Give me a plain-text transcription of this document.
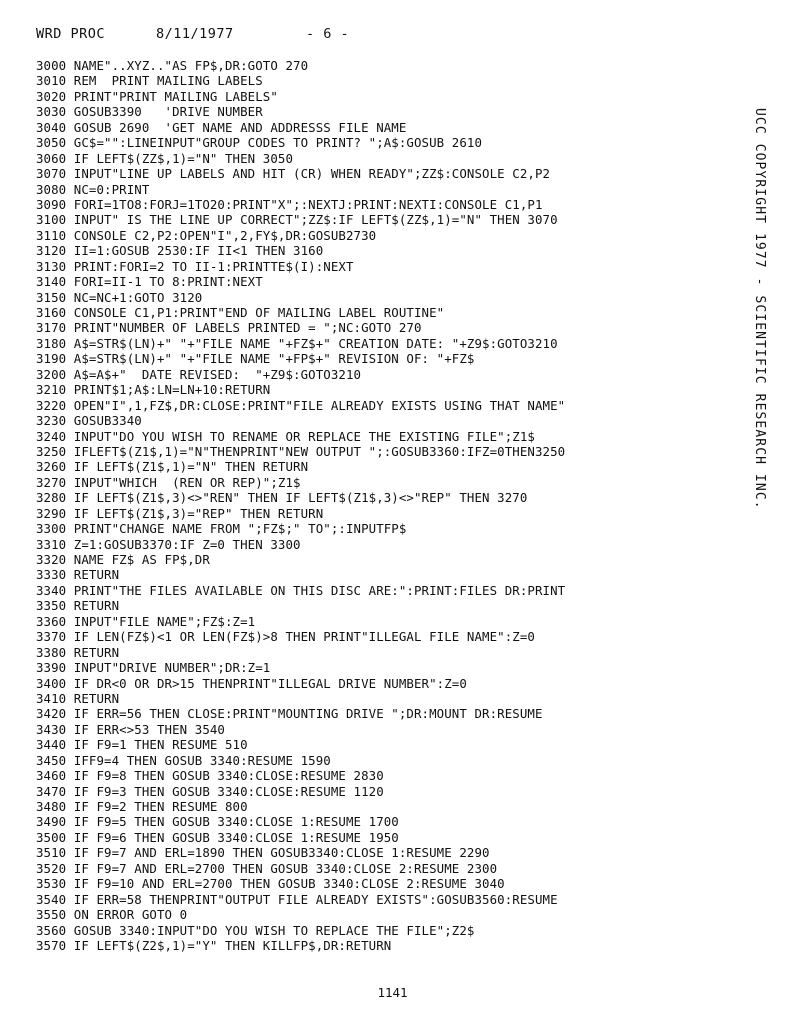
WRD PROC	8/11/1977	- 6 -
3000 NAME"..XYZ.."AS FP$,DR:GOTO 270
3010 REM  PRINT MAILING LABELS
3020 PRINT"PRINT MAILING LABELS"
3030 GOSUB3390   'DRIVE NUMBER
3040 GOSUB 2690  'GET NAME AND ADDRESSS FILE NAME
3050 GC$="":LINEINPUT"GROUP CODES TO PRINT? ";A$:GOSUB 2610
3060 IF LEFT$(ZZ$,1)="N" THEN 3050
3070 INPUT"LINE UP LABELS AND HIT (CR) WHEN READY";ZZ$:CONSOLE C2,P2
3080 NC=0:PRINT
3090 FORI=1TO8:FORJ=1TO20:PRINT"X";:NEXTJ:PRINT:NEXTI:CONSOLE C1,P1
3100 INPUT" IS THE LINE UP CORRECT";ZZ$:IF LEFT$(ZZ$,1)="N" THEN 3070
3110 CONSOLE C2,P2:OPEN"I",2,FY$,DR:GOSUB2730
3120 II=1:GOSUB 2530:IF II<1 THEN 3160
3130 PRINT:FORI=2 TO II-1:PRINTTE$(I):NEXT
3140 FORI=II-1 TO 8:PRINT:NEXT
3150 NC=NC+1:GOTO 3120
3160 CONSOLE C1,P1:PRINT"END OF MAILING LABEL ROUTINE"
3170 PRINT"NUMBER OF LABELS PRINTED = ";NC:GOTO 270
3180 A$=STR$(LN)+" "+"FILE NAME "+FZ$+" CREATION DATE: "+Z9$:GOTO3210
3190 A$=STR$(LN)+" "+"FILE NAME "+FP$+" REVISION OF: "+FZ$
3200 A$=A$+"  DATE REVISED:  "+Z9$:GOTO3210
3210 PRINT$1;A$:LN=LN+10:RETURN
3220 OPEN"I",1,FZ$,DR:CLOSE:PRINT"FILE ALREADY EXISTS USING THAT NAME"
3230 GOSUB3340
3240 INPUT"DO YOU WISH TO RENAME OR REPLACE THE EXISTING FILE";Z1$
3250 IFLEFT$(Z1$,1)="N"THENPRINT"NEW OUTPUT ";:GOSUB3360:IFZ=0THEN3250
3260 IF LEFT$(Z1$,1)="N" THEN RETURN
3270 INPUT"WHICH  (REN OR REP)";Z1$
3280 IF LEFT$(Z1$,3)<>"REN" THEN IF LEFT$(Z1$,3)<>"REP" THEN 3270
3290 IF LEFT$(Z1$,3)="REP" THEN RETURN
3300 PRINT"CHANGE NAME FROM ";FZ$;" TO";:INPUTFP$
3310 Z=1:GOSUB3370:IF Z=0 THEN 3300
3320 NAME FZ$ AS FP$,DR
3330 RETURN
3340 PRINT"THE FILES AVAILABLE ON THIS DISC ARE:":PRINT:FILES DR:PRINT
3350 RETURN
3360 INPUT"FILE NAME";FZ$:Z=1
3370 IF LEN(FZ$)<1 OR LEN(FZ$)>8 THEN PRINT"ILLEGAL FILE NAME":Z=0
3380 RETURN
3390 INPUT"DRIVE NUMBER";DR:Z=1
3400 IF DR<0 OR DR>15 THENPRINT"ILLEGAL DRIVE NUMBER":Z=0
3410 RETURN
3420 IF ERR=56 THEN CLOSE:PRINT"MOUNTING DRIVE ";DR:MOUNT DR:RESUME
3430 IF ERR<>53 THEN 3540
3440 IF F9=1 THEN RESUME 510
3450 IFF9=4 THEN GOSUB 3340:RESUME 1590
3460 IF F9=8 THEN GOSUB 3340:CLOSE:RESUME 2830
3470 IF F9=3 THEN GOSUB 3340:CLOSE:RESUME 1120
3480 IF F9=2 THEN RESUME 800
3490 IF F9=5 THEN GOSUB 3340:CLOSE 1:RESUME 1700
3500 IF F9=6 THEN GOSUB 3340:CLOSE 1:RESUME 1950
3510 IF F9=7 AND ERL=1890 THEN GOSUB3340:CLOSE 1:RESUME 2290
3520 IF F9=7 AND ERL=2700 THEN GOSUB 3340:CLOSE 2:RESUME 2300
3530 IF F9=10 AND ERL=2700 THEN GOSUB 3340:CLOSE 2:RESUME 3040
3540 IF ERR=58 THENPRINT"OUTPUT FILE ALREADY EXISTS":GOSUB3560:RESUME
3550 ON ERROR GOTO 0
3560 GOSUB 3340:INPUT"DO YOU WISH TO REPLACE THE FILE";Z2$
3570 IF LEFT$(Z2$,1)="Y" THEN KILLFP$,DR:RETURN
UCC COPYRIGHT 1977 - SCIENTIFIC RESEARCH INC.
1141
